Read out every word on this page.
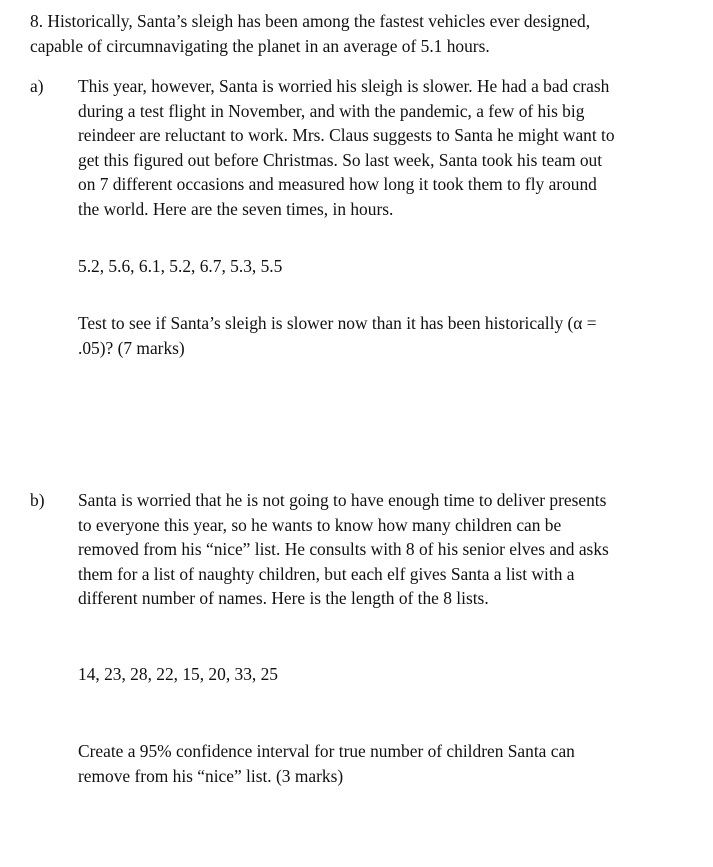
8. Historically, Santa’s sleigh has been among the fastest vehicles ever designed,
capable of circumnavigating the planet in an average of 5.1 hours.
a) This year, however, Santa is worried his sleigh is slower. He had a bad crash
during a test flight in November, and with the pandemic, a few of his big
reindeer are reluctant to work. Mrs. Claus suggests to Santa he might want to
get this figured out before Christmas. So last week, Santa took his team out
on 7 different occasions and measured how long it took them to fly around
the world. Here are the seven times, in hours.
5.2, 5.6, 6.1, 5.2, 6.7, 5.3, 5.5
Test to see if Santa’s sleigh is slower now than it has been historically (α =
.05)? (7 marks)
b) Santa is worried that he is not going to have enough time to deliver presents
to everyone this year, so he wants to know how many children can be
removed from his “nice” list. He consults with 8 of his senior elves and asks
them for a list of naughty children, but each elf gives Santa a list with a
different number of names. Here is the length of the 8 lists.
14, 23, 28, 22, 15, 20, 33, 25
Create a 95% confidence interval for true number of children Santa can
remove from his “nice” list. (3 marks)
